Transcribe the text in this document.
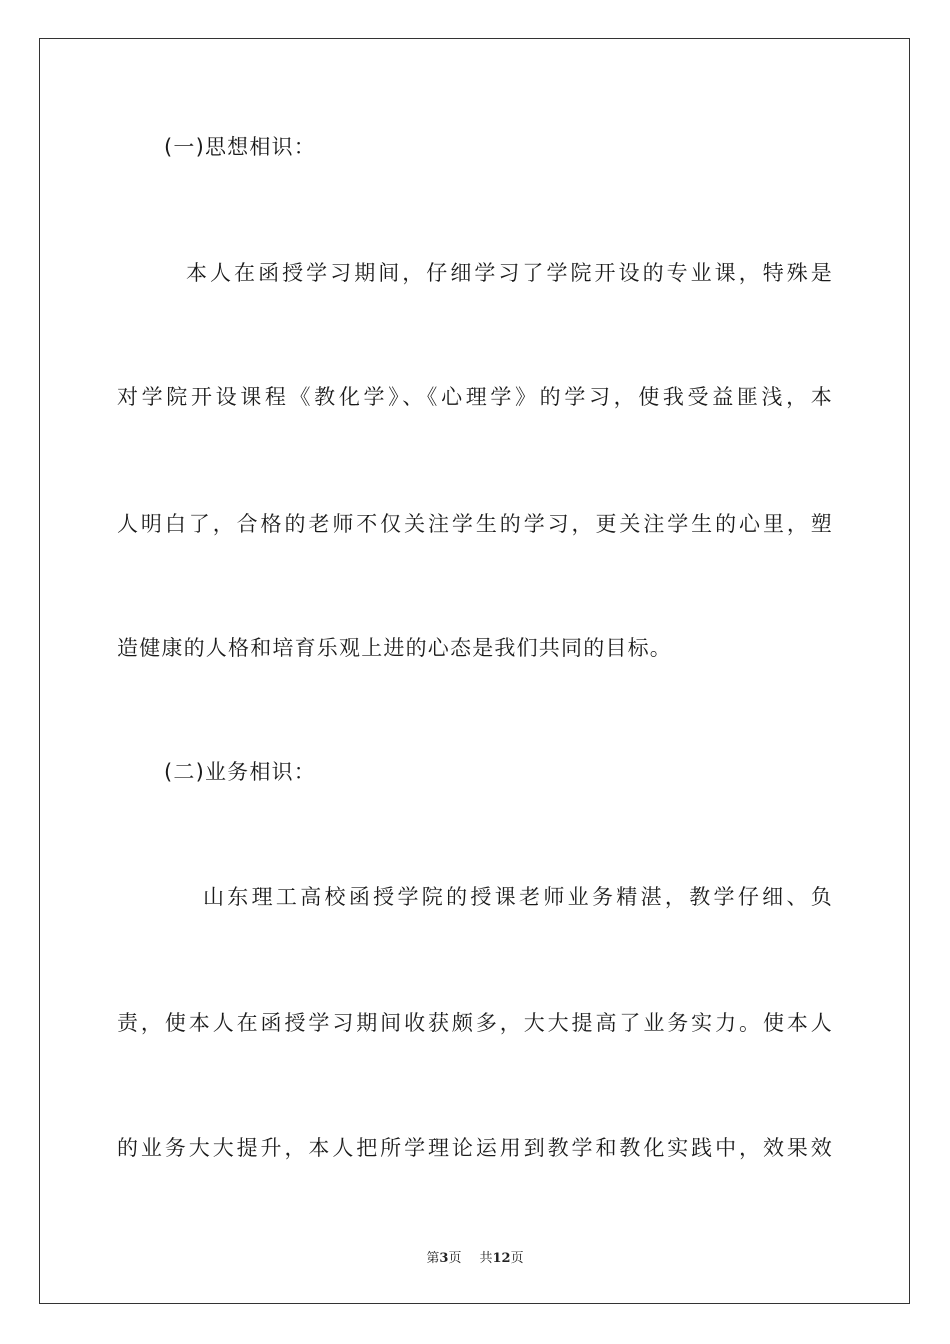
(一)思想相识：
本人在函授学习期间，仔细学习了学院开设的专业课，特殊是
对学院开设课程《教化学》、《心理学》的学习，使我受益匪浅，本
人明白了，合格的老师不仅关注学生的学习，更关注学生的心里，塑
造健康的人格和培育乐观上进的心态是我们共同的目标。
(二)业务相识：
山东理工高校函授学院的授课老师业务精湛，教学仔细、负
责，使本人在函授学习期间收获颇多，大大提高了业务实力。使本人
的业务大大提升，本人把所学理论运用到教学和教化实践中，效果效
第3页 共12页
